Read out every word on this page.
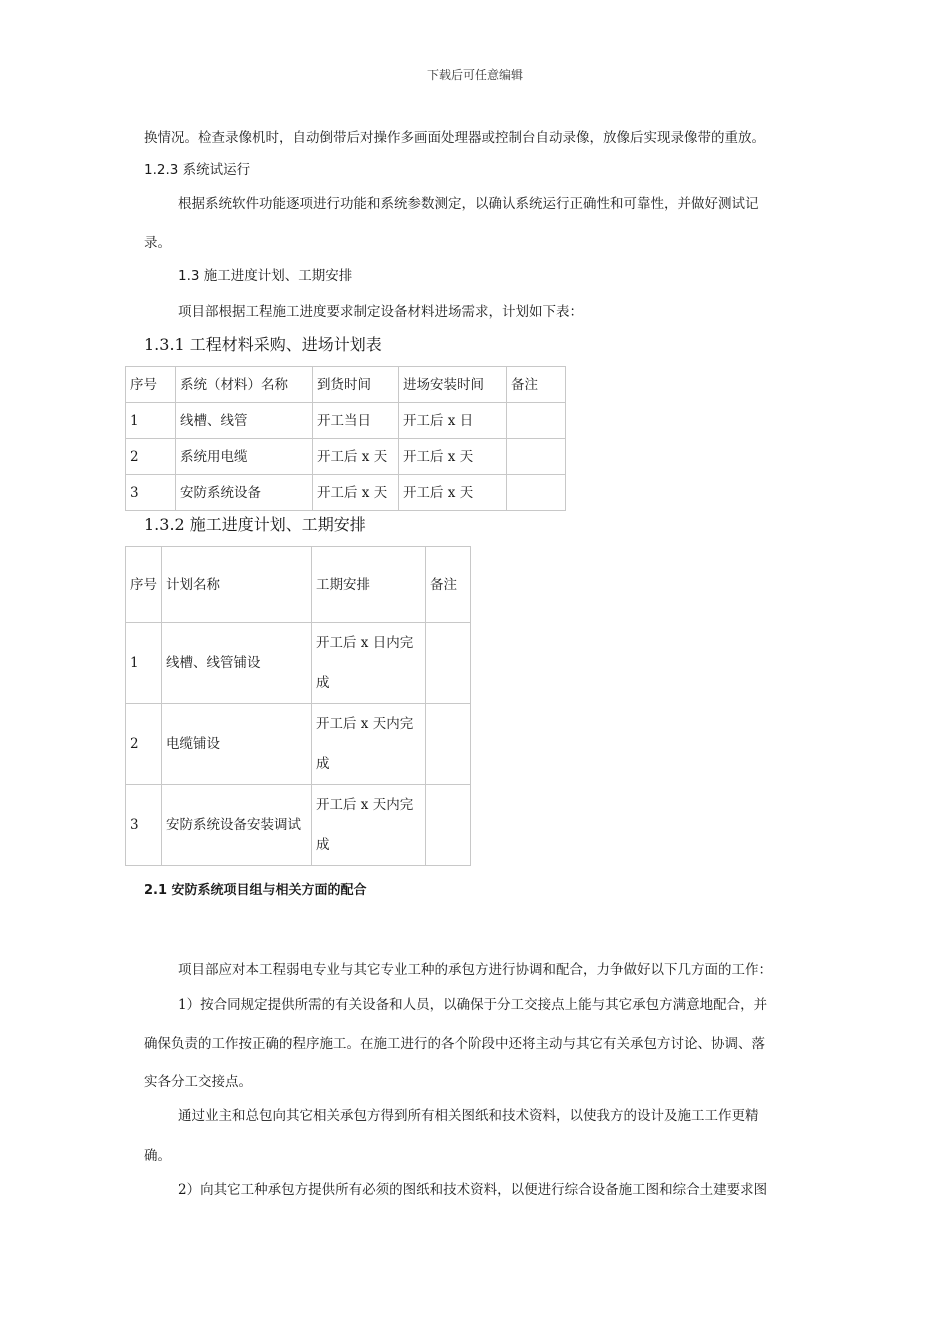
下载后可任意编辑

换情况。检查录像机时，自动倒带后对操作多画面处理器或控制台自动录像，放像后实现录像带的重放。

1.2.3 系统试运行

根据系统软件功能逐项进行功能和系统参数测定，以确认系统运行正确性和可靠性，并做好测试记

录。

1.3 施工进度计划、工期安排

项目部根据工程施工进度要求制定设备材料进场需求，计划如下表：

1.3.1 工程材料采购、进场计划表

序号	系统（材料）名称	到货时间	进场安装时间	备注
1	线槽、线管	开工当日	开工后 x 日	
2	系统用电缆	开工后 x 天	开工后 x 天	
3	安防系统设备	开工后 x 天	开工后 x 天	

1.3.2 施工进度计划、工期安排

序号	计划名称	工期安排	备注
1	线槽、线管铺设	开工后 x 日内完成	
2	电缆铺设	开工后 x 天内完成	
3	安防系统设备安装调试	开工后 x 天内完成	

2.1 安防系统项目组与相关方面的配合

项目部应对本工程弱电专业与其它专业工种的承包方进行协调和配合，力争做好以下几方面的工作：

1）按合同规定提供所需的有关设备和人员，以确保于分工交接点上能与其它承包方满意地配合，并

确保负责的工作按正确的程序施工。在施工进行的各个阶段中还将主动与其它有关承包方讨论、协调、落

实各分工交接点。

通过业主和总包向其它相关承包方得到所有相关图纸和技术资料，以使我方的设计及施工工作更精

确。

2）向其它工种承包方提供所有必须的图纸和技术资料，以便进行综合设备施工图和综合土建要求图
